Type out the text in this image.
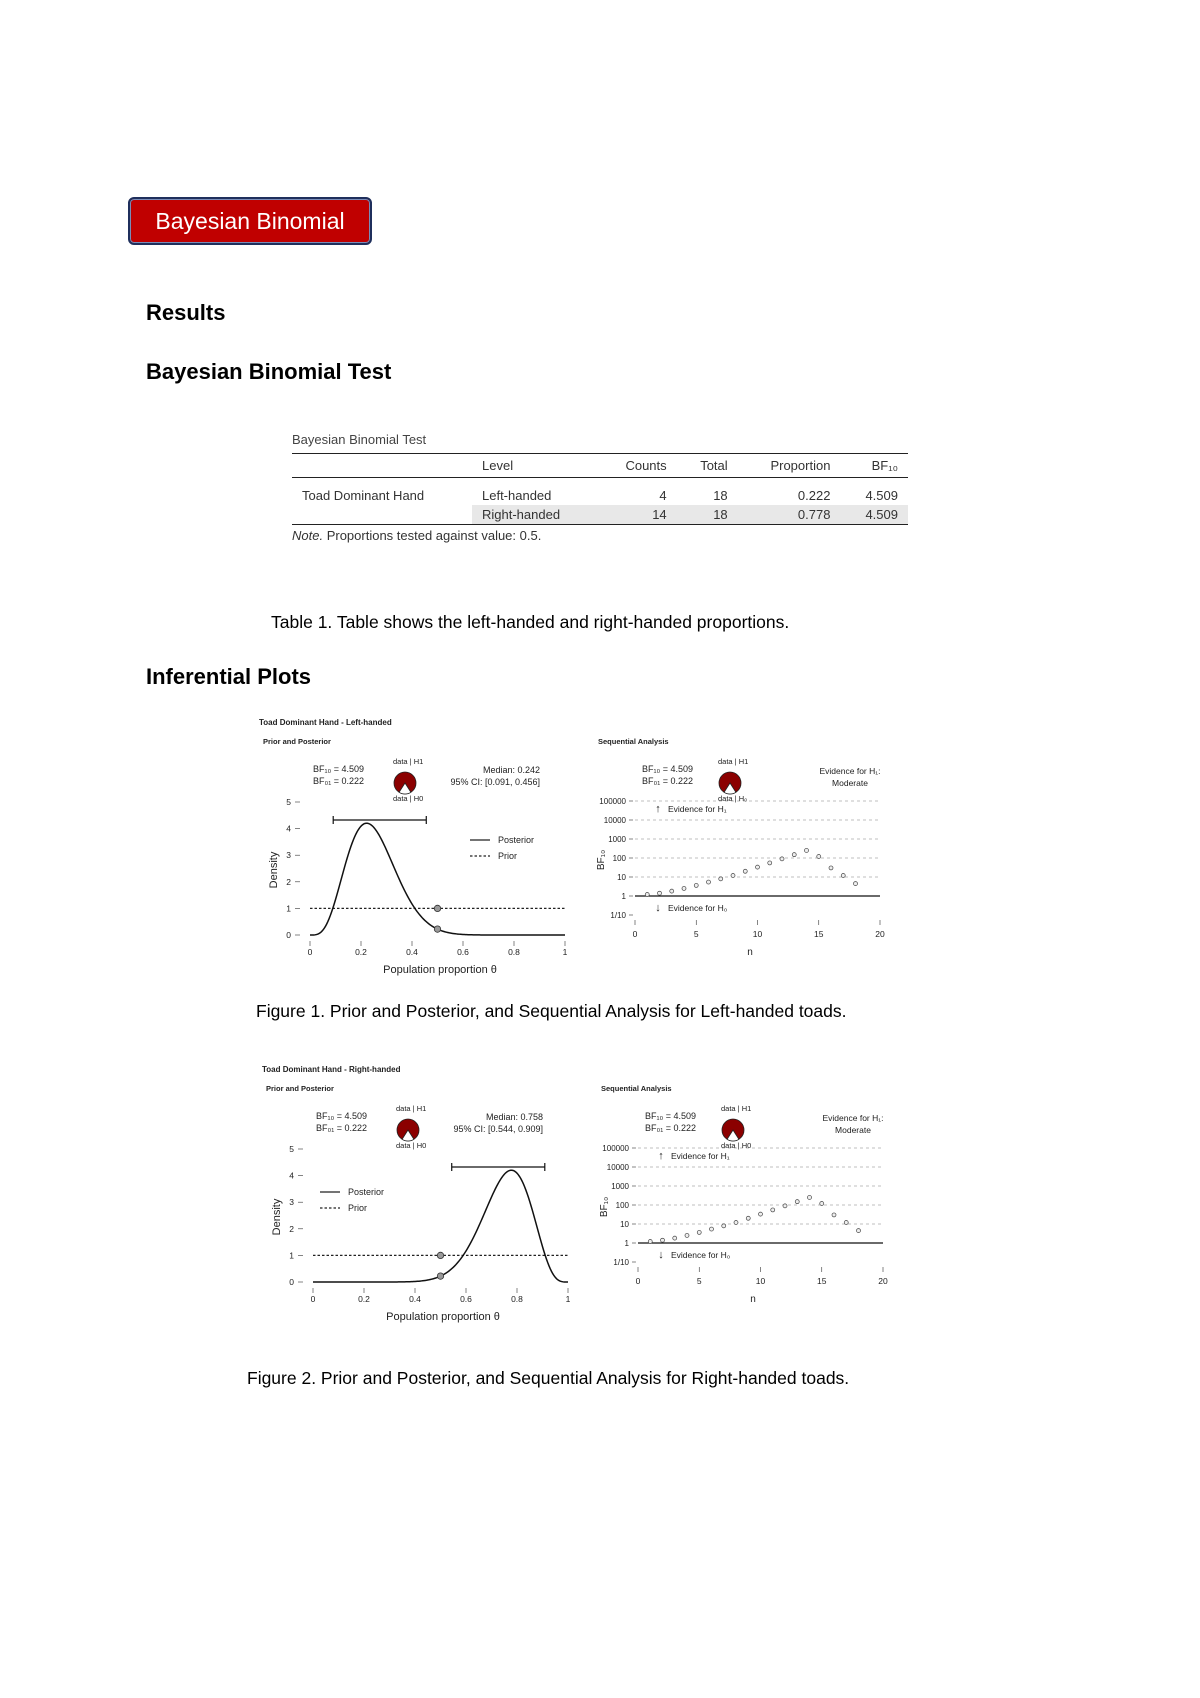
Bayesian Binomial
Results
Bayesian Binomial Test
Bayesian Binomial Test
	Level	Counts	Total	Proportion	BF₁₀
Toad Dominant Hand	Left-handed	4	18	0.222	4.509
	Right-handed	14	18	0.778	4.509
Note. Proportions tested against value: 0.5.
Table 1. Table shows the left-handed and right-handed proportions.
Inferential Plots
Toad Dominant Hand - Left-handed
Prior and Posterior
0
1
2
3
4
5
0	0.2	0.4	0.6	0.8	1
Population proportion θ
Density
BF₁₀ = 4.509
BF₀₁ = 0.222
data | H1
data | H0
Median: 0.242
95% CI: [0.091, 0.456]
Posterior
Prior
Sequential Analysis
1/10
1
10
100
1000
10000
100000
0	5	10	15	20
n
BF₁₀
↑ Evidence for H₁
↓ Evidence for H₀
BF₁₀ = 4.509
BF₀₁ = 0.222
data | H1
data | H₀
Evidence for H₁:
Moderate
Figure 1. Prior and Posterior, and Sequential Analysis for Left-handed toads.
Toad Dominant Hand - Right-handed
Prior and Posterior
0
1
2
3
4
5
0	0.2	0.4	0.6	0.8	1
Population proportion θ
Density
BF₁₀ = 4.509
BF₀₁ = 0.222
data | H1
data | H0
Median: 0.758
95% CI: [0.544, 0.909]
Posterior
Prior
Sequential Analysis
1/10
1
10
100
1000
10000
100000
0	5	10	15	20
n
BF₁₀
↑ Evidence for H₁
↓ Evidence for H₀
BF₁₀ = 4.509
BF₀₁ = 0.222
data | H1
data | H0
Evidence for H₁:
Moderate
Figure 2. Prior and Posterior, and Sequential Analysis for Right-handed toads.
